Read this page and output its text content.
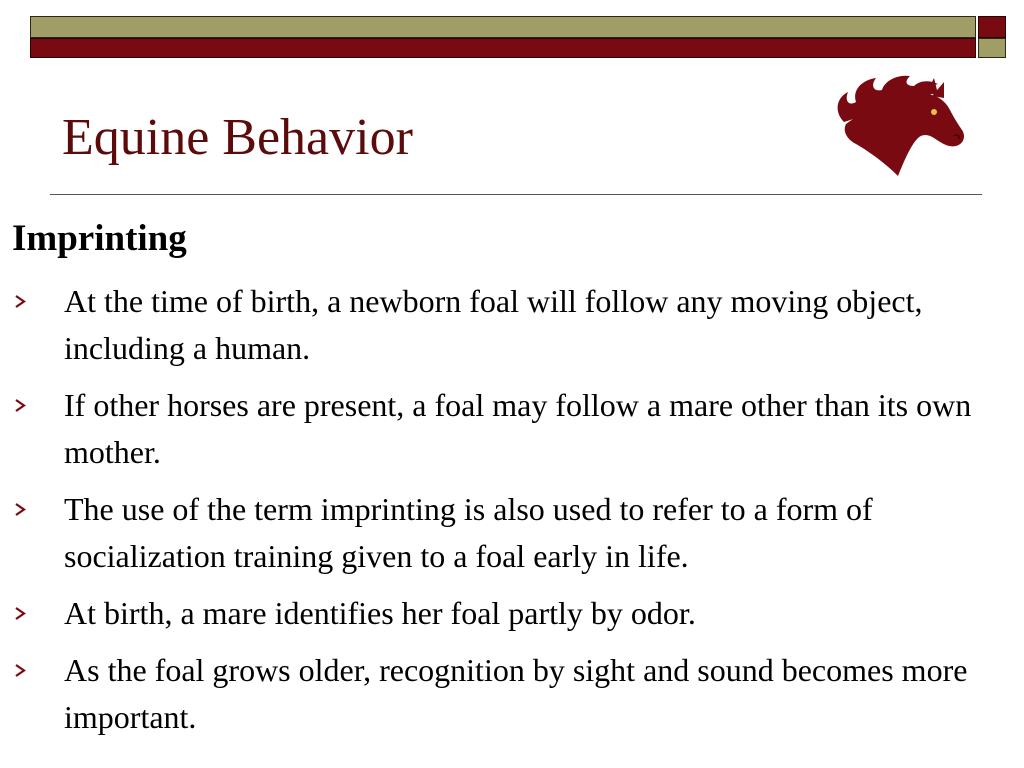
Equine Behavior
Imprinting
At the time of birth, a newborn foal will follow any moving object, including a human.
If other horses are present, a foal may follow a mare other than its own mother.
The use of the term imprinting is also used to refer to a form of socialization training given to a foal early in life.
At birth, a mare identifies her foal partly by odor.
As the foal grows older, recognition by sight and sound becomes more important.
